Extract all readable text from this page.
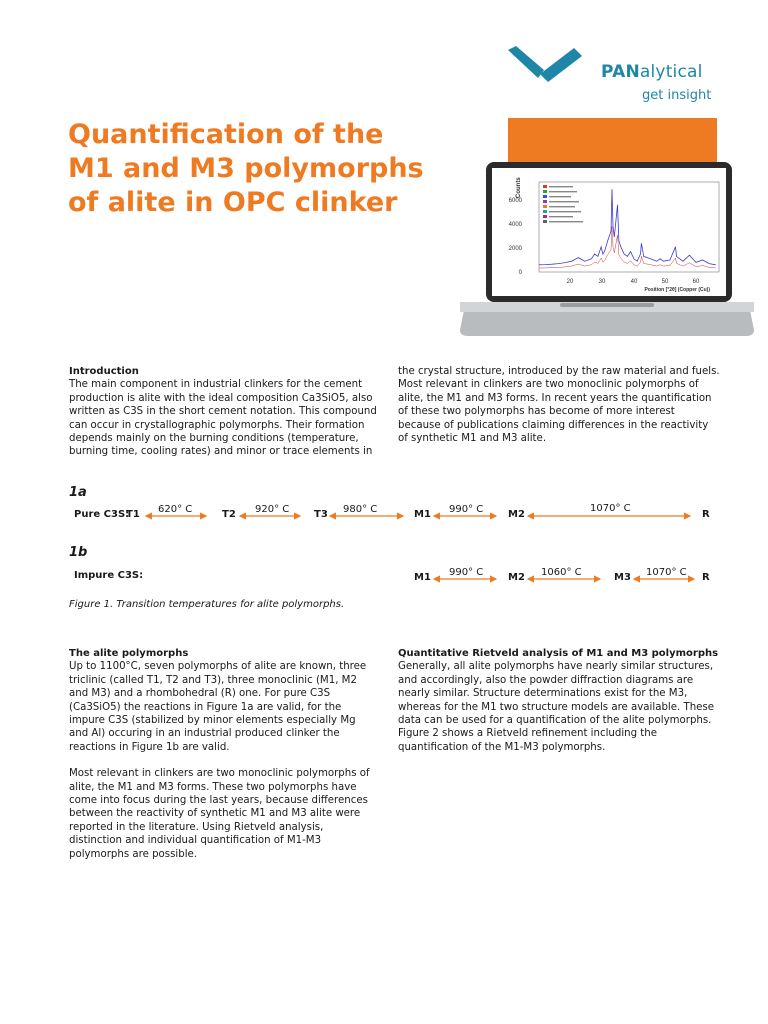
PANalytical
get insight
Quantification of the
M1 and M3 polymorphs
of alite in OPC clinker	Counts
6000
4000
2000
0
20	30	40	50	60
Position [°2θ] (Copper (Cu))

Introduction

The main component in industrial clinkers for the cement production is alite with the ideal composition Ca3SiO5, also written as C3S in the short cement notation. This compound can occur in crystallographic polymorphs. Their formation depends mainly on the burning conditions (temperature, burning time, cooling rates) and minor or trace elements in

the crystal structure, introduced by the raw material and fuels. Most relevant in clinkers are two monoclinic polymorphs of alite, the M1 and M3 forms. In recent years the quantification of these two polymorphs has become of more interest because of publications claiming differences in the reactivity of synthetic M1 and M3 alite.

1a
1b
Pure C3S:
Impure C3S:
T1	T2	T3	M1	M2	R
620° C	920° C	980° C	990° C	1070° C
M1	M2	M3	R
990° C	1060° C	1070° C
Figure 1. Transition temperatures for alite polymorphs.

The alite polymorphs

Up to 1100°C, seven polymorphs of alite are known, three triclinic (called T1, T2 and T3), three monoclinic (M1, M2 and M3) and a rhombohedral (R) one. For pure C3S (Ca3SiO5) the reactions in Figure 1a are valid, for the impure C3S (stabilized by minor elements especially Mg and Al) occuring in an industrial produced clinker the reactions in Figure 1b are valid.

Most relevant in clinkers are two monoclinic polymorphs of alite, the M1 and M3 forms. These two polymorphs have come into focus during the last years, because differences between the reactivity of synthetic M1 and M3 alite were reported in the literature. Using Rietveld analysis, distinction and individual quantification of M1-M3 polymorphs are possible.

Quantitative Rietveld analysis of M1 and M3 polymorphs

Generally, all alite polymorphs have nearly similar structures, and accordingly, also the powder diffraction diagrams are nearly similar. Structure determinations exist for the M3, whereas for the M1 two structure models are available. These data can be used for a quantification of the alite polymorphs. Figure 2 shows a Rietveld refinement including the quantification of the M1-M3 polymorphs.
